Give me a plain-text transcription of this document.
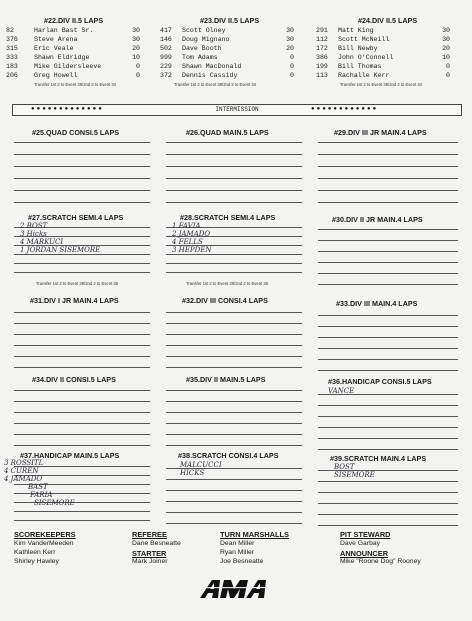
#22.DIV II.5 LAPS

82	Harlan Bast Sr.	30

376 Steve Arena	30

315 Eric Veale	20

333 Shawn Eldridge	10

183 Mike Gildersleeve	0

206 Greg Howell	0

Transfer 1st 2 to Event 39/2nd 2 to Event 34
#23.DIV II.5 LAPS

417 Scott Olney	30

146 Doug Mignano	30

502 Dave Booth	20

999 Tom Adams	0

229 Shawn MacDonald	0

372 Dennis Cassidy	0

Transfer 1st 2 to Event 39/2nd 2 to Event 34
#24.DIV II.5 LAPS

291 Matt King	30

112 Scott McNeill	30

172 Bill Newby	20

386 John O'Connell	10

199 Bill Thomas	0

113 Rachalle Kerr	0

Transfer 1st 2 to Event 39/2nd 2 to Event 34
●●●●●●●●●●●●●	INTERMISSION	●●●●●●●●●●●●
#25.QUAD CONSI.5 LAPS	#26.QUAD MAIN.5 LAPS	#29.DIV III JR MAIN.4 LAPS
#27.SCRATCH SEMI.4 LAPS
2 BOST
3 Hicks
4 MARKUCI
1 JORDAN SISEMORE
Transfer 1st 2 to Event 39/2nd 2 to Event 38
#28.SCRATCH SEMI.4 LAPS
1 FAVIA
2 JAMADO
4 FELLS
3 HEPDEN
Transfer 1st 2 to Event 39/2nd 2 to Event 38
#30.DIV II JR MAIN.4 LAPS
#31.DIV I JR MAIN.4 LAPS	#32.DIV III CONSI.4 LAPS	#33.DIV III MAIN.4 LAPS
#34.DIV II CONSI.5 LAPS	#35.DIV II MAIN.5 LAPS	#36.HANDICAP CONSI.5 LAPS
VANCE
#37.HANDICAP MAIN.5 LAPS
3 ROSSITL
4 CUREN
4 JAMADO
BAST
FARIA
SISEMORE
#38.SCRATCH CONSI.4 LAPS
MALCUCCI
HICKS
#39.SCRATCH MAIN.4 LAPS
BOST
SISEMORE
SCOREKEEPERS
Kim VanderMeeden
Kathleen Kerr
Shirley Hawley
REFEREE
Dane Besneatte
STARTER
Mark Joiner
TURN MARSHALLS
Dean Miller
Ryan Miller
Joe Besneatte
PIT STEWARD
Dave Garbay
ANNOUNCER
Mike "Roone Dog" Rooney
